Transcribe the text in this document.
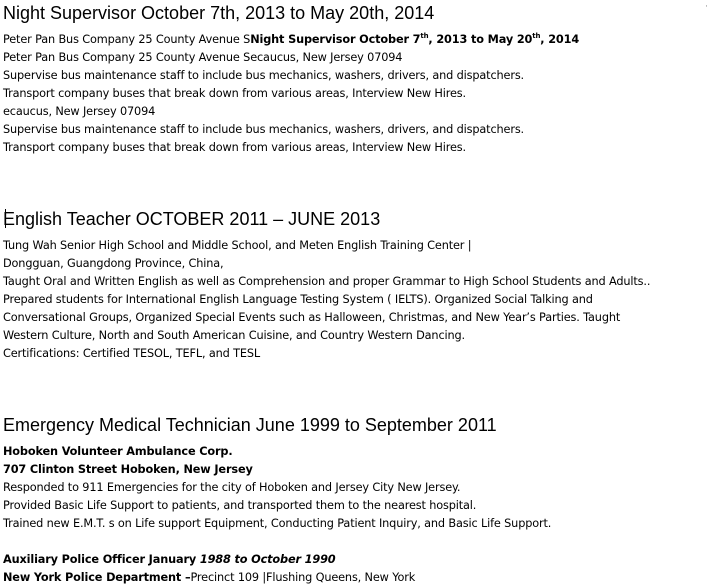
·
Night Supervisor October 7th, 2013 to May 20th, 2014
Peter Pan Bus Company 25 County Avenue SNight Supervisor October 7th, 2013 to May 20th, 2014
Peter Pan Bus Company 25 County Avenue Secaucus, New Jersey 07094
Supervise bus maintenance staff to include bus mechanics, washers, drivers, and dispatchers.
Transport company buses that break down from various areas, Interview New Hires.
ecaucus, New Jersey 07094
Supervise bus maintenance staff to include bus mechanics, washers, drivers, and dispatchers.
Transport company buses that break down from various areas, Interview New Hires.
English Teacher OCTOBER 2011 – JUNE 2013
Tung Wah Senior High School and Middle School, and Meten English Training Center |
Dongguan, Guangdong Province, China,
Taught Oral and Written English as well as Comprehension and proper Grammar to High School Students and Adults..
Prepared students for International English Language Testing System ( IELTS). Organized Social Talking and
Conversational Groups, Organized Special Events such as Halloween, Christmas, and New Year’s Parties. Taught
Western Culture, North and South American Cuisine, and Country Western Dancing.
Certifications: Certified TESOL, TEFL, and TESL
Emergency Medical Technician June 1999 to September 2011
Hoboken Volunteer Ambulance Corp.
707 Clinton Street Hoboken, New Jersey
Responded to 911 Emergencies for the city of Hoboken and Jersey City New Jersey.
Provided Basic Life Support to patients, and transported them to the nearest hospital.
Trained new E.M.T. s on Life support Equipment, Conducting Patient Inquiry, and Basic Life Support.
Auxiliary Police Officer January 1988 to October 1990
New York Police Department –Precinct 109 |Flushing Queens, New York
